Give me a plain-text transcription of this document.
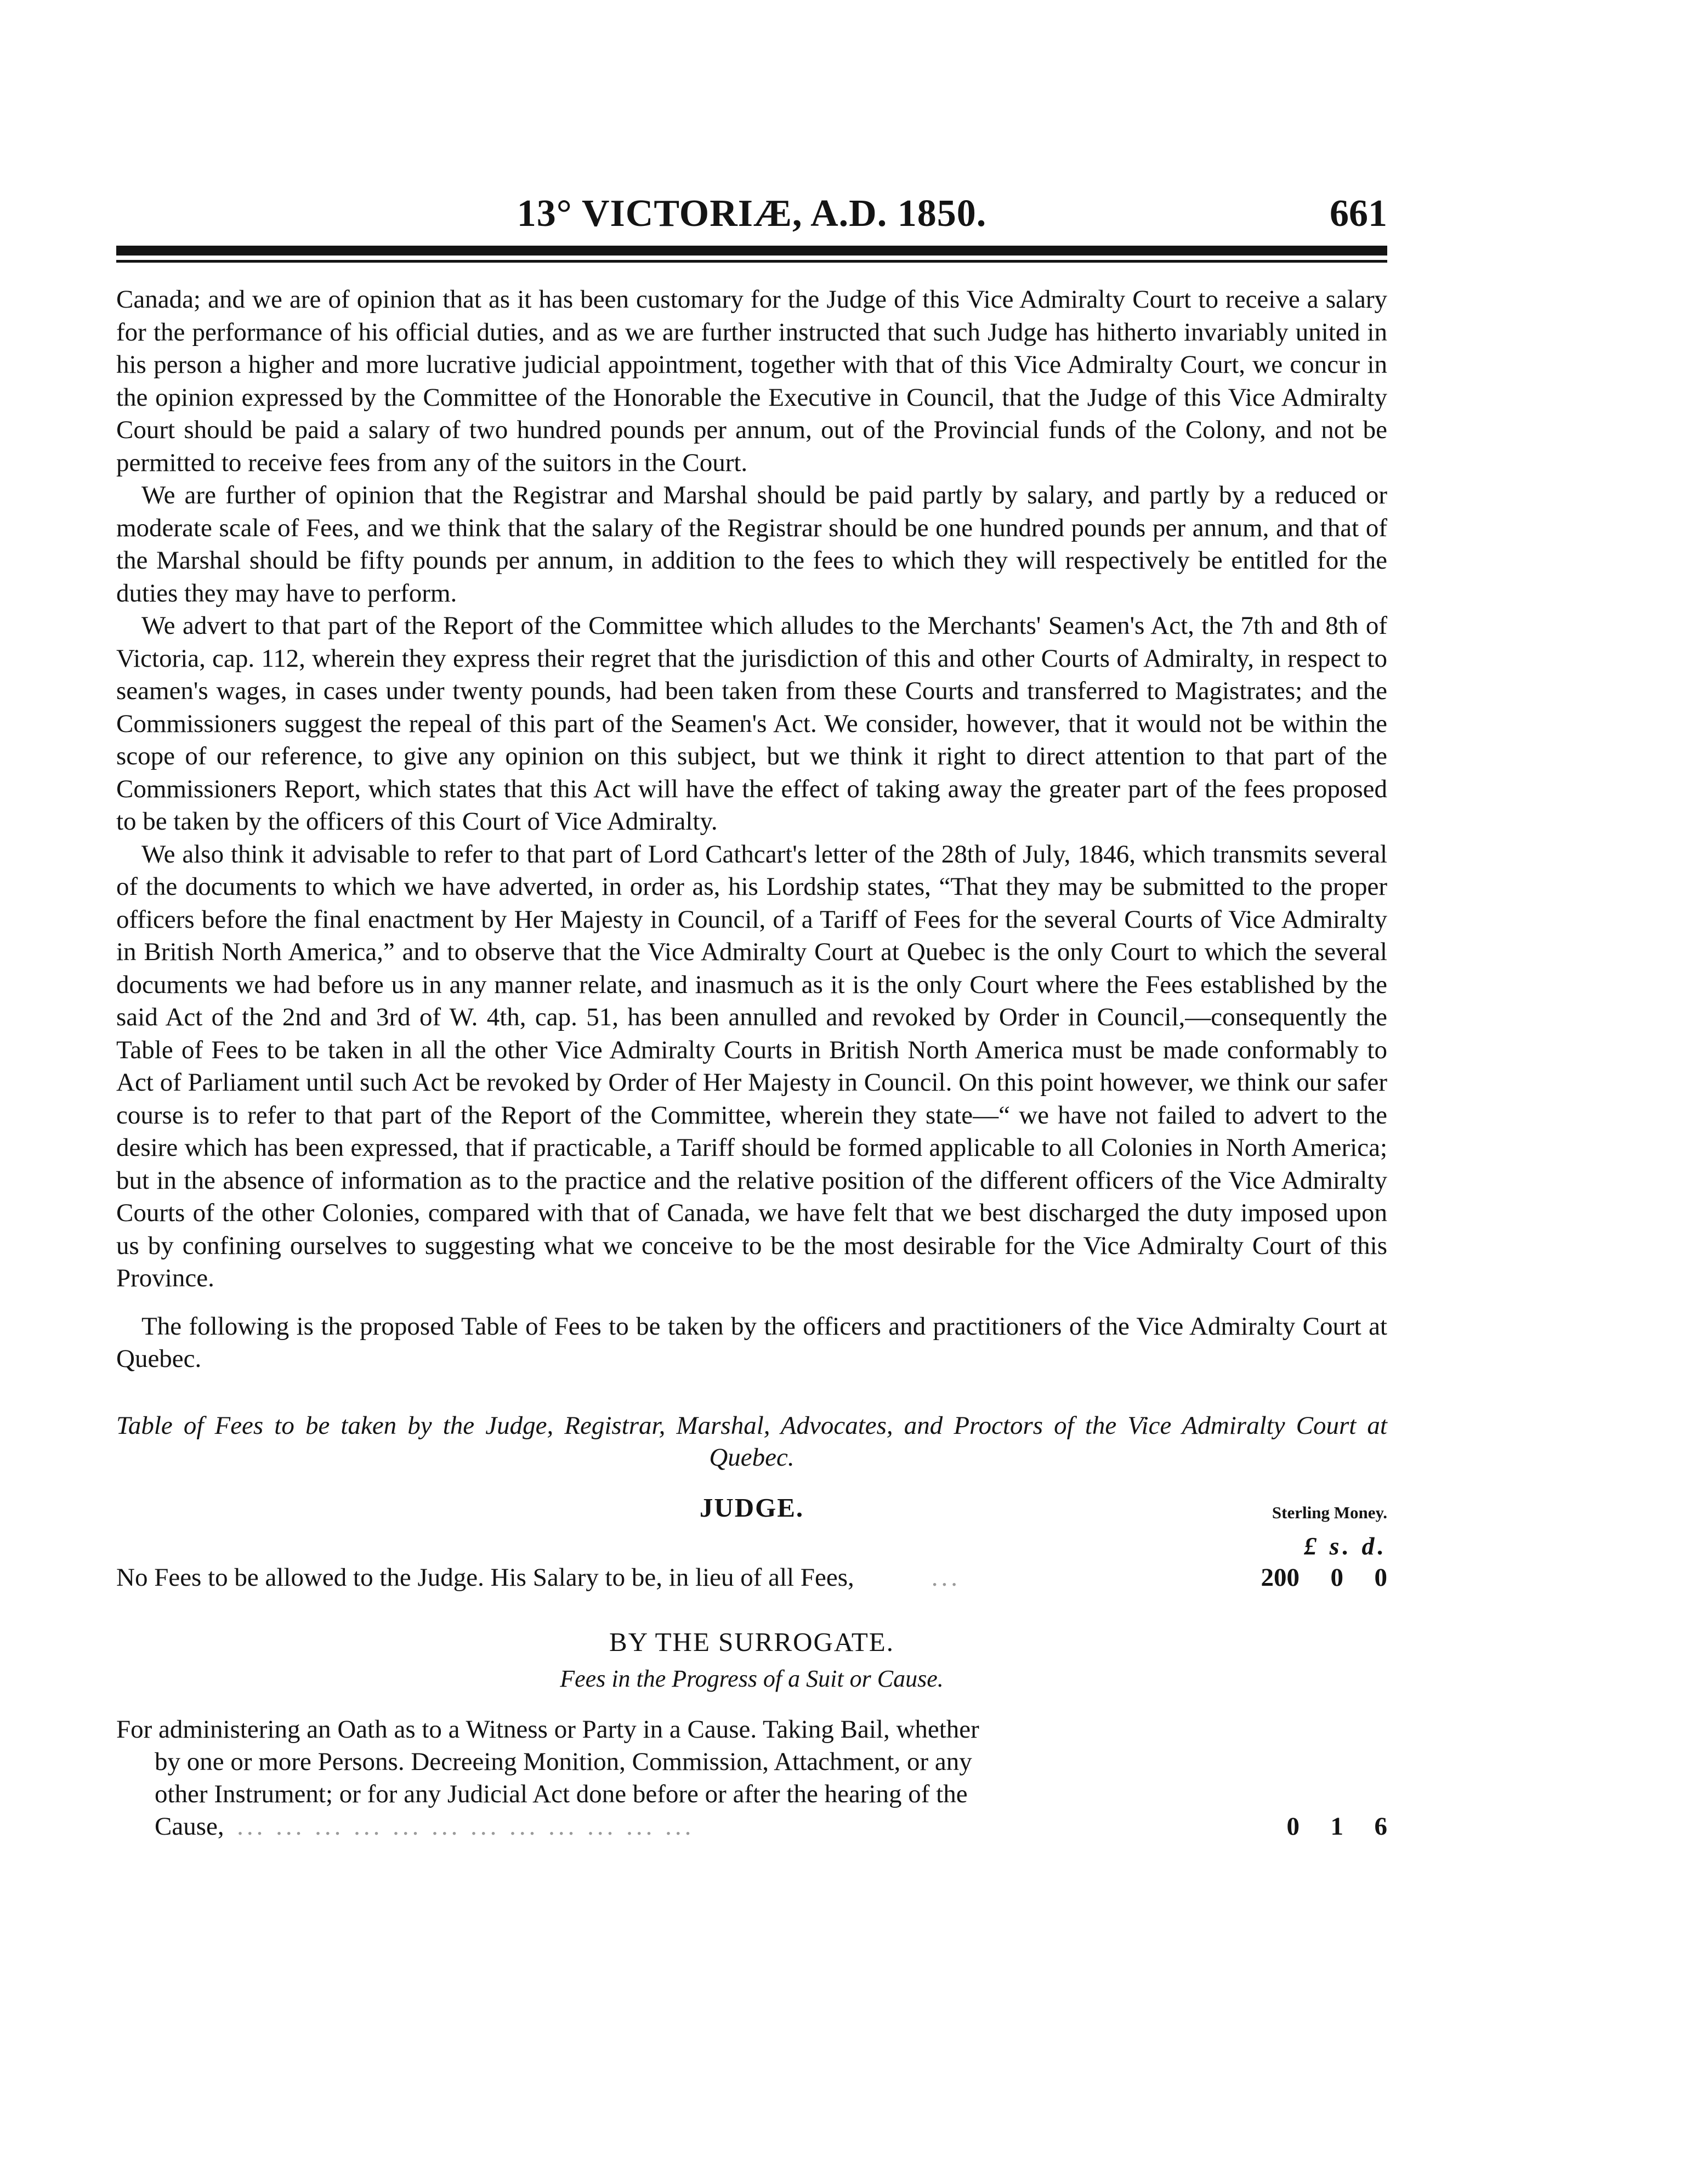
13° VICTORIÆ, A.D. 1850.	661

Canada; and we are of opinion that as it has been customary for the Judge of this Vice Admiralty Court to receive a salary for the performance of his official duties, and as we are further instructed that such Judge has hitherto invariably united in his person a higher and more lucrative judicial appointment, together with that of this Vice Admiralty Court, we concur in the opinion expressed by the Committee of the Honorable the Executive in Council, that the Judge of this Vice Admiralty Court should be paid a salary of two hundred pounds per annum, out of the Provincial funds of the Colony, and not be permitted to receive fees from any of the suitors in the Court.

We are further of opinion that the Registrar and Marshal should be paid partly by salary, and partly by a reduced or moderate scale of Fees, and we think that the salary of the Registrar should be one hundred pounds per annum, and that of the Marshal should be fifty pounds per annum, in addition to the fees to which they will respectively be entitled for the duties they may have to perform.

We advert to that part of the Report of the Committee which alludes to the Merchants' Seamen's Act, the 7th and 8th of Victoria, cap. 112, wherein they express their regret that the jurisdiction of this and other Courts of Admiralty, in respect to seamen's wages, in cases under twenty pounds, had been taken from these Courts and transferred to Magistrates; and the Commissioners suggest the repeal of this part of the Seamen's Act. We consider, however, that it would not be within the scope of our reference, to give any opinion on this subject, but we think it right to direct attention to that part of the Commissioners Report, which states that this Act will have the effect of taking away the greater part of the fees proposed to be taken by the officers of this Court of Vice Admiralty.

We also think it advisable to refer to that part of Lord Cathcart's letter of the 28th of July, 1846, which transmits several of the documents to which we have adverted, in order as, his Lordship states, “That they may be submitted to the proper officers before the final enactment by Her Majesty in Council, of a Tariff of Fees for the several Courts of Vice Admiralty in British North America,” and to observe that the Vice Admiralty Court at Quebec is the only Court to which the several documents we had before us in any manner relate, and inasmuch as it is the only Court where the Fees established by the said Act of the 2nd and 3rd of W. 4th, cap. 51, has been annulled and revoked by Order in Council,—consequently the Table of Fees to be taken in all the other Vice Admiralty Courts in British North America must be made conformably to Act of Parliament until such Act be revoked by Order of Her Majesty in Council. On this point however, we think our safer course is to refer to that part of the Report of the Committee, wherein they state—“ we have not failed to advert to the desire which has been expressed, that if practicable, a Tariff should be formed applicable to all Colonies in North America; but in the absence of information as to the practice and the relative position of the different officers of the Vice Admiralty Courts of the other Colonies, compared with that of Canada, we have felt that we best discharged the duty imposed upon us by confining ourselves to suggesting what we conceive to be the most desirable for the Vice Admiralty Court of this Province.

The following is the proposed Table of Fees to be taken by the officers and practitioners of the Vice Admiralty Court at Quebec.

Table of Fees to be taken by the Judge, Registrar, Marshal, Advocates, and Proctors of the Vice Admiralty Court at Quebec.
JUDGE.	Sterling Money.
£ s. d.
No Fees to be allowed to the Judge. His Salary to be, in lieu of all Fees,	...	200 0 0
BY THE SURROGATE.
Fees in the Progress of a Suit or Cause.
For administering an Oath as to a Witness or Party in a Cause. Taking Bail, whether
by one or more Persons. Decreeing Monition, Commission, Attachment, or any
other Instrument; or for any Judicial Act done before or after the hearing of the
Cause, ... ... ... ... ... ... ... ... ... ... ... ...	0 1 6
